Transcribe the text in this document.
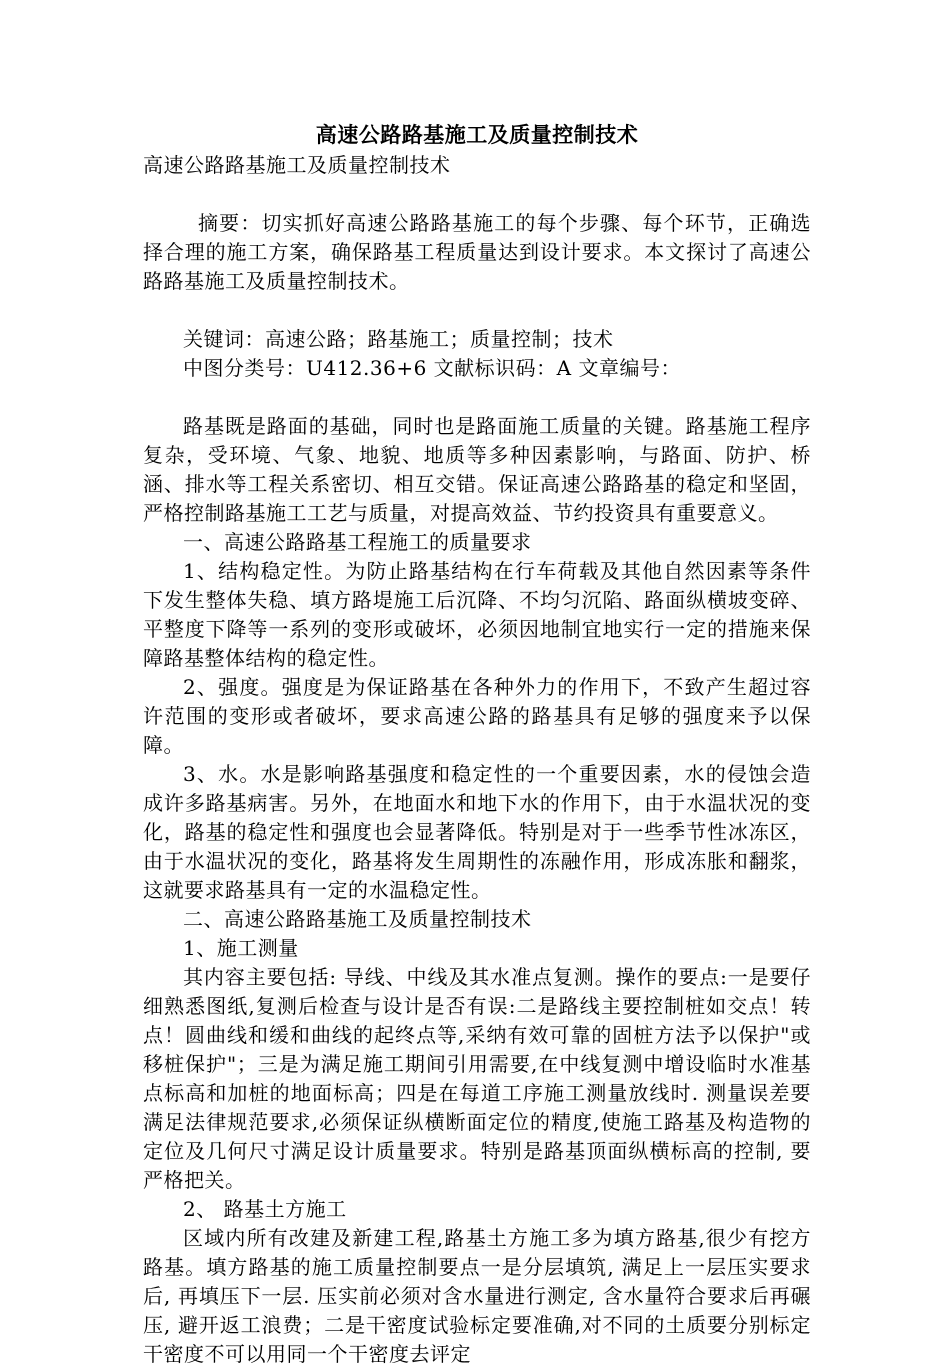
高速公路路基施工及质量控制技术

高速公路路基施工及质量控制技术

摘要：切实抓好高速公路路基施工的每个步骤、每个环节，正确选择合理的施工方案，确保路基工程质量达到设计要求。本文探讨了高速公路路基施工及质量控制技术。

关键词：高速公路；路基施工；质量控制；技术

中图分类号：U412.36+6 文献标识码：A 文章编号：

路基既是路面的基础，同时也是路面施工质量的关键。路基施工程序复杂，受环境、气象、地貌、地质等多种因素影响，与路面、防护、桥涵、排水等工程关系密切、相互交错。保证高速公路路基的稳定和坚固，严格控制路基施工工艺与质量，对提高效益、节约投资具有重要意义。

一、高速公路路基工程施工的质量要求

1、结构稳定性。为防止路基结构在行车荷载及其他自然因素等条件下发生整体失稳、填方路堤施工后沉降、不均匀沉陷、路面纵横坡变碎、平整度下降等一系列的变形或破坏，必须因地制宜地实行一定的措施来保障路基整体结构的稳定性。

2、强度。强度是为保证路基在各种外力的作用下，不致产生超过容许范围的变形或者破坏，要求高速公路的路基具有足够的强度来予以保障。

3、水。水是影响路基强度和稳定性的一个重要因素，水的侵蚀会造成许多路基病害。另外，在地面水和地下水的作用下，由于水温状况的变化，路基的稳定性和强度也会显著降低。特别是对于一些季节性冰冻区，由于水温状况的变化，路基将发生周期性的冻融作用，形成冻胀和翻浆，这就要求路基具有一定的水温稳定性。

二、高速公路路基施工及质量控制技术

1、施工测量

其内容主要包括: 导线、中线及其水准点复测。操作的要点:一是要仔细熟悉图纸,复测后检查与设计是否有误:二是路线主要控制桩如交点！转点！圆曲线和缓和曲线的起终点等,采纳有效可靠的固桩方法予以保护"或移桩保护"；三是为满足施工期间引用需要,在中线复测中增设临时水准基点标高和加桩的地面标高；四是在每道工序施工测量放线时. 测量误差要满足法律规范要求,必须保证纵横断面定位的精度,使施工路基及构造物的定位及几何尺寸满足设计质量要求。特别是路基顶面纵横标高的控制, 要严格把关。

2、 路基土方施工

区域内所有改建及新建工程,路基土方施工多为填方路基,很少有挖方路基。填方路基的施工质量控制要点一是分层填筑, 满足上一层压实要求后, 再填压下一层. 压实前必须对含水量进行测定, 含水量符合要求后再碾压, 避开返工浪费；二是干密度试验标定要准确,对不同的土质要分别标定干密度不可以用同一个干密度去评定
